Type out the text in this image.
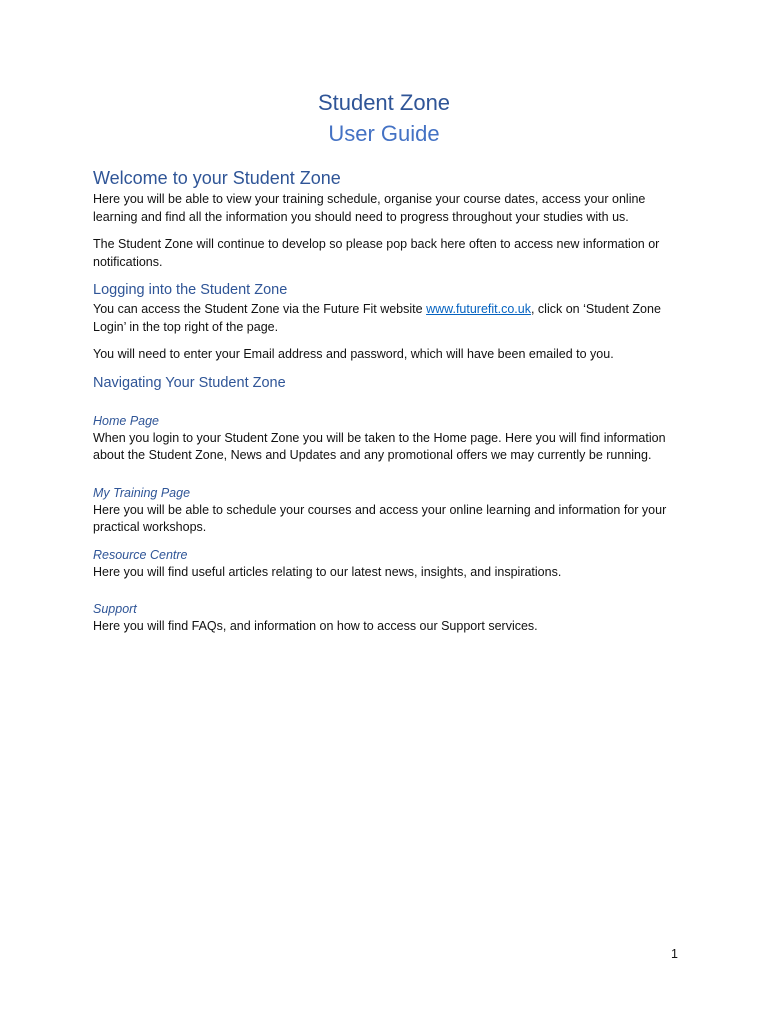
Student Zone
User Guide
Welcome to your Student Zone

Here you will be able to view your training schedule, organise your course dates, access your online learning and find all the information you should need to progress throughout your studies with us.

The Student Zone will continue to develop so please pop back here often to access new information or notifications.

Logging into the Student Zone

You can access the Student Zone via the Future Fit website www.futurefit.co.uk, click on ‘Student Zone Login’ in the top right of the page.

You will need to enter your Email address and password, which will have been emailed to you.

Navigating Your Student Zone
Home Page

When you login to your Student Zone you will be taken to the Home page. Here you will find information about the Student Zone, News and Updates and any promotional offers we may currently be running.

My Training Page

Here you will be able to schedule your courses and access your online learning and information for your practical workshops.

Resource Centre

Here you will find useful articles relating to our latest news, insights, and inspirations.

Support

Here you will find FAQs, and information on how to access our Support services.

1
